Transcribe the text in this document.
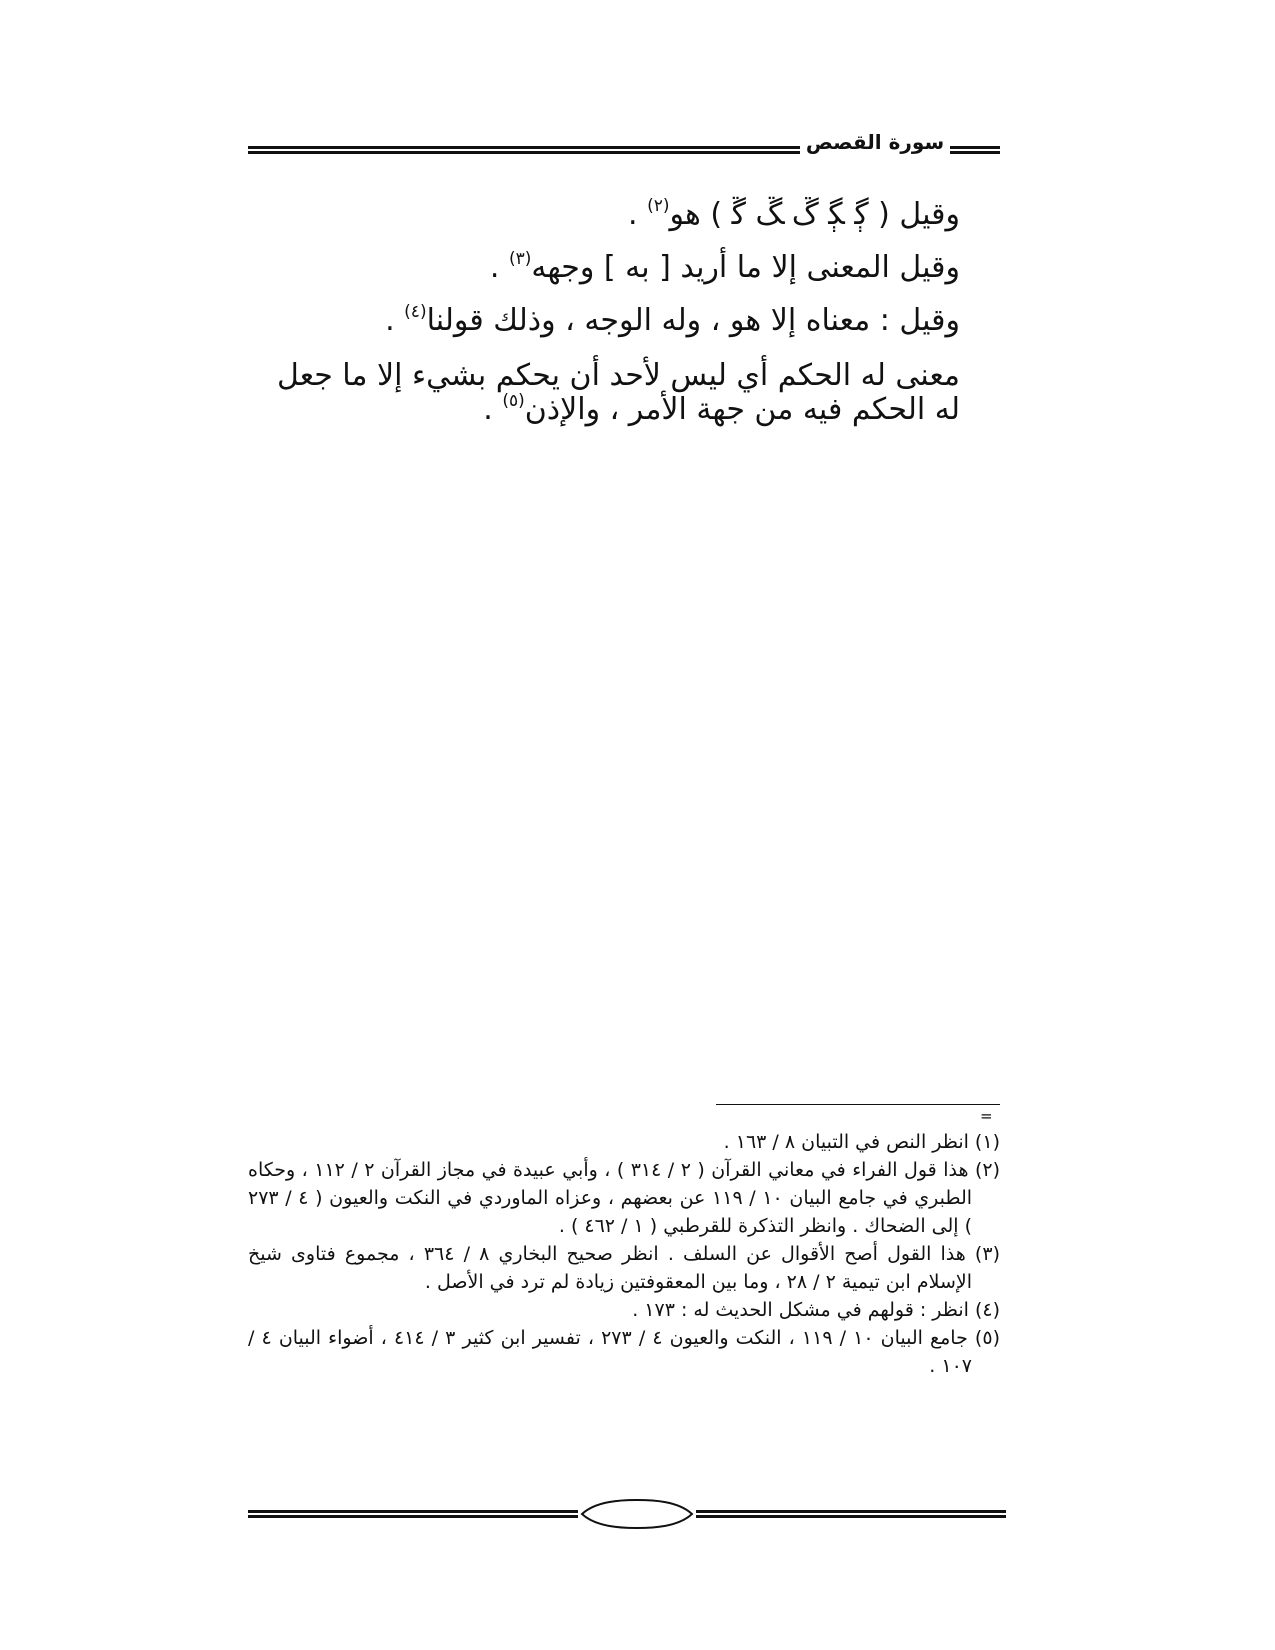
سورة القصص

وقيل ( ﮘ ﮙ ﮚ ﮛ ﮜ ) هو$^{(٢)}$ .

وقيل المعنى إلا ما أريد [ به ] وجهه$^{(٣)}$ .

وقيل : معناه إلا هو ، وله الوجه ، وذلك قولنا$^{(٤)}$ .

معنى له الحكم أي ليس لأحد أن يحكم بشيء إلا ما جعل له الحكم فيه من جهة الأمر ، والإذن$^{(٥)}$ .

=

(١) انظر النص في التبيان ٨ / ١٦٣ .

(٢) هذا قول الفراء في معاني القرآن ( ٢ / ٣١٤ ) ، وأبي عبيدة في مجاز القرآن ٢ / ١١٢ ، وحكاه الطبري في جامع البيان ١٠ / ١١٩ عن بعضهم ، وعزاه الماوردي في النكت والعيون ( ٤ / ٢٧٣ ) إلى الضحاك . وانظر التذكرة للقرطبي ( ١ / ٤٦٢ ) .

(٣) هذا القول أصح الأقوال عن السلف . انظر صحيح البخاري ٨ / ٣٦٤ ، مجموع فتاوى شيخ الإسلام ابن تيمية ٢ / ٢٨ ، وما بين المعقوفتين زيادة لم ترد في الأصل .

(٤) انظر : قولهم في مشكل الحديث له : ١٧٣ .

(٥) جامع البيان ١٠ / ١١٩ ، النكت والعيون ٤ / ٢٧٣ ، تفسير ابن كثير ٣ / ٤١٤ ، أضواء البيان ٤ / ١٠٧ .
